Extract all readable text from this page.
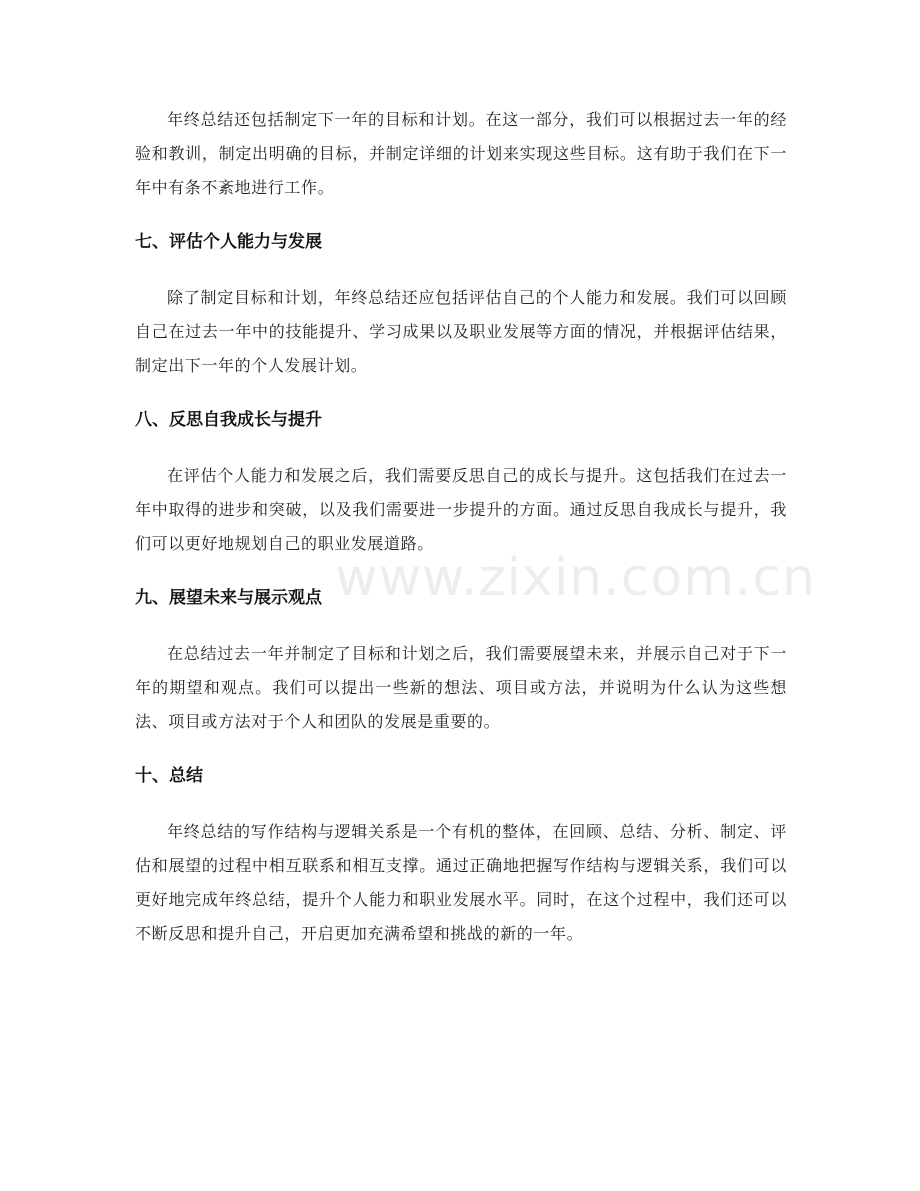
年终总结还包括制定下一年的目标和计划。在这一部分，我们可以根据过去一年的经验和教训，制定出明确的目标，并制定详细的计划来实现这些目标。这有助于我们在下一年中有条不紊地进行工作。

七、评估个人能力与发展

除了制定目标和计划，年终总结还应包括评估自己的个人能力和发展。我们可以回顾自己在过去一年中的技能提升、学习成果以及职业发展等方面的情况，并根据评估结果，制定出下一年的个人发展计划。

八、反思自我成长与提升

在评估个人能力和发展之后，我们需要反思自己的成长与提升。这包括我们在过去一年中取得的进步和突破，以及我们需要进一步提升的方面。通过反思自我成长与提升，我们可以更好地规划自己的职业发展道路。

九、展望未来与展示观点

在总结过去一年并制定了目标和计划之后，我们需要展望未来，并展示自己对于下一年的期望和观点。我们可以提出一些新的想法、项目或方法，并说明为什么认为这些想法、项目或方法对于个人和团队的发展是重要的。

十、总结

年终总结的写作结构与逻辑关系是一个有机的整体，在回顾、总结、分析、制定、评估和展望的过程中相互联系和相互支撑。通过正确地把握写作结构与逻辑关系，我们可以更好地完成年终总结，提升个人能力和职业发展水平。同时，在这个过程中，我们还可以不断反思和提升自己，开启更加充满希望和挑战的新的一年。

www.zixin.com.cn
